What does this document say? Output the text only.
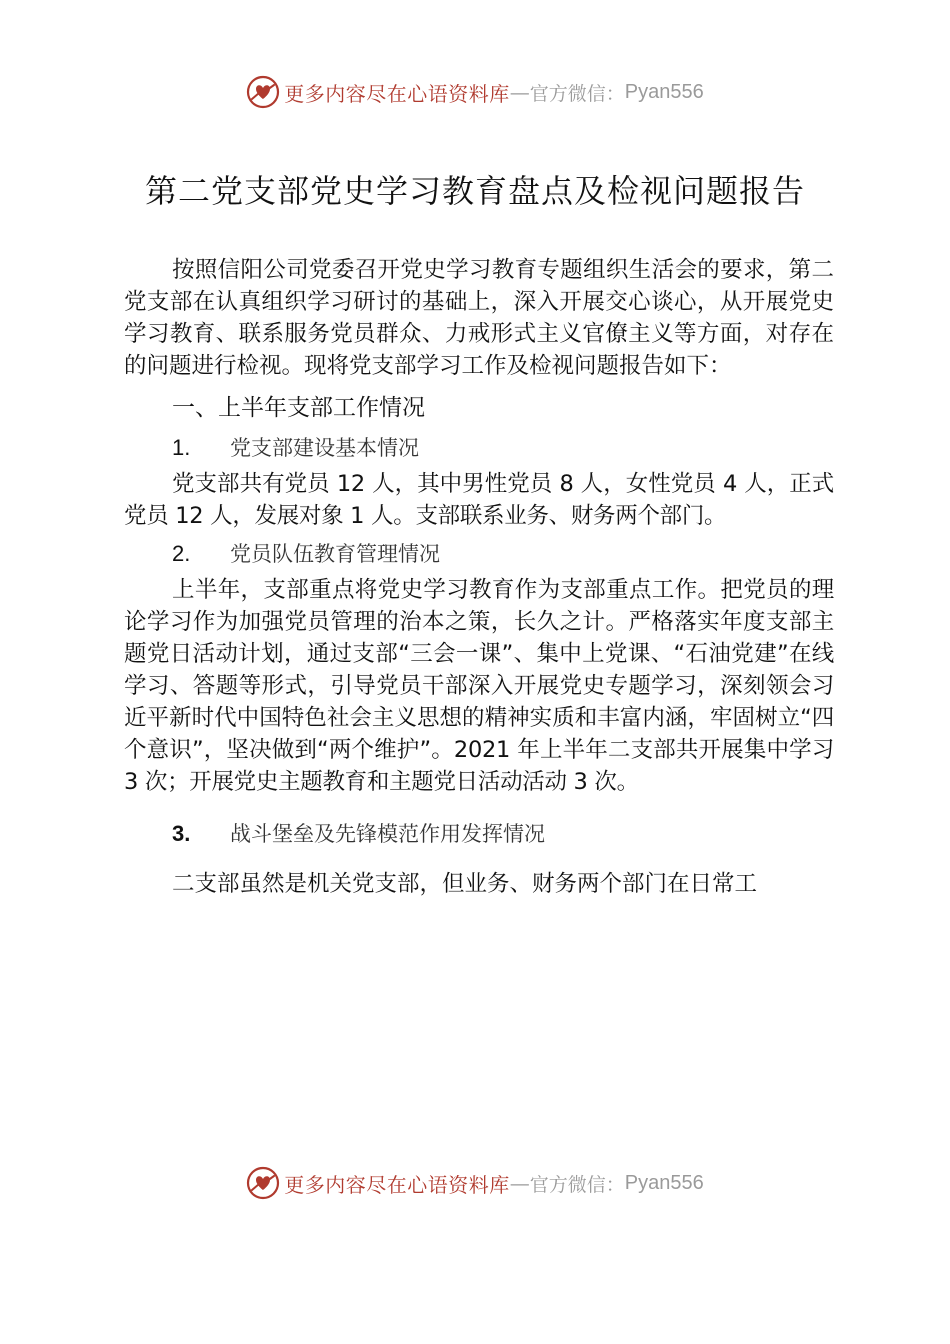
更多内容尽在心语资料库 — 官方微信： Pyan556
第二党支部党史学习教育盘点及检视问题报告

按照信阳公司党委召开党史学习教育专题组织生活会的要求，第二党支部在认真组织学习研讨的基础上，深入开展交心谈心，从开展党史学习教育、联系服务党员群众、力戒形式主义官僚主义等方面，对存在的问题进行检视。现将党支部学习工作及检视问题报告如下：

一、上半年支部工作情况
1.	党支部建设基本情况

党支部共有党员 12 人，其中男性党员 8 人，女性党员 4 人，正式党员 12 人，发展对象 1 人。支部联系业务、财务两个部门。

2.	党员队伍教育管理情况

上半年，支部重点将党史学习教育作为支部重点工作。把党员的理论学习作为加强党员管理的治本之策，长久之计。严格落实年度支部主题党日活动计划，通过支部“三会一课”、集中上党课、“石油党建”在线学习、答题等形式，引导党员干部深入开展党史专题学习，深刻领会习近平新时代中国特色社会主义思想的精神实质和丰富内涵，牢固树立“四个意识”，坚决做到“两个维护”。2021 年上半年二支部共开展集中学习 3 次；开展党史主题教育和主题党日活动活动 3 次。

3.	战斗堡垒及先锋模范作用发挥情况

二支部虽然是机关党支部，但业务、财务两个部门在日常工

更多内容尽在心语资料库 — 官方微信： Pyan556
